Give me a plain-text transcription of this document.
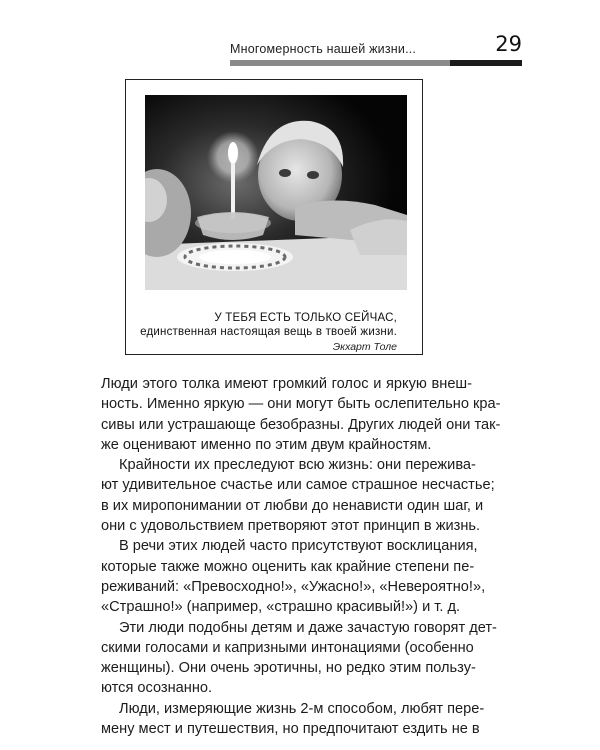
Многомерность нашей жизни...	29
У ТЕБЯ ЕСТЬ ТОЛЬКО СЕЙЧАС,
единственная настоящая вещь в твоей жизни.
Экхарт Толе
Люди этого толка имеют громкий голос и яркую внеш-
ность. Именно яркую — они могут быть ослепительно кра-
сивы или устрашающе безобразны. Других людей они так-
же оценивают именно по этим двум крайностям.
Крайности их преследуют всю жизнь: они пережива-
ют удивительное счастье или самое страшное несчастье;
в их миропонимании от любви до ненависти один шаг, и
они с удовольствием претворяют этот принцип в жизнь.
В речи этих людей часто присутствуют восклицания,
которые также можно оценить как крайние степени пе-
реживаний: «Превосходно!», «Ужасно!», «Невероятно!»,
«Страшно!» (например, «страшно красивый!») и т. д.
Эти люди подобны детям и даже зачастую говорят дет-
скими голосами и капризными интонациями (особенно
женщины). Они очень эротичны, но редко этим пользу-
ются осознанно.
Люди, измеряющие жизнь 2-м способом, любят пере-
мену мест и путешествия, но предпочитают ездить не в
